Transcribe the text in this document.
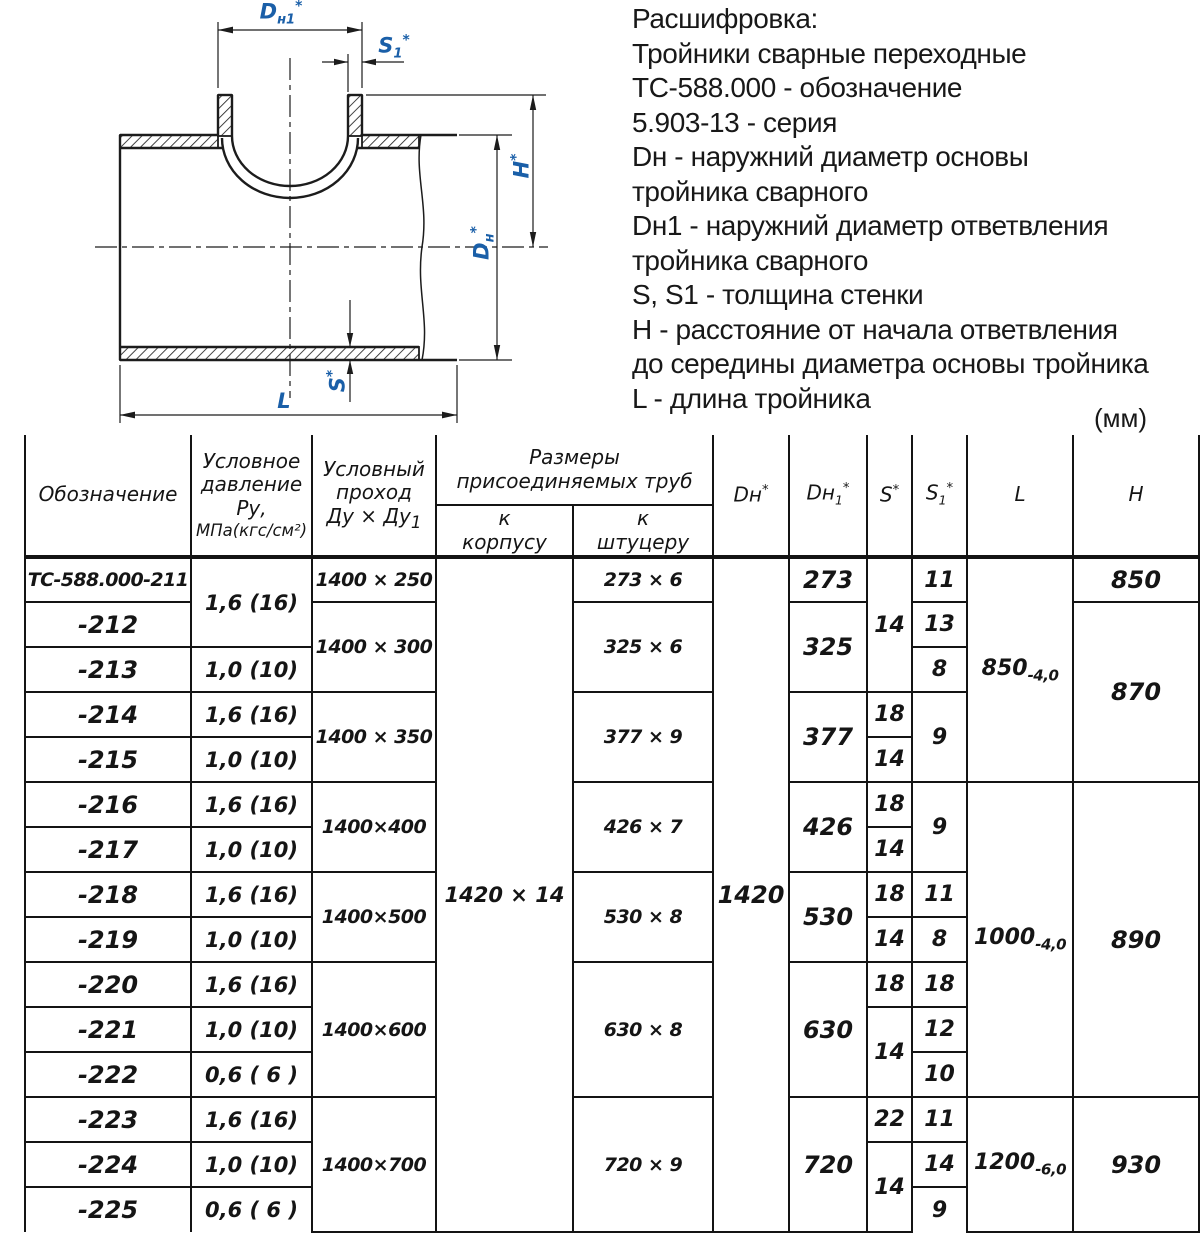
$D_{н1}^*$
$S_1^*$
H*
$D_н^*$
S*
L
Расшифровка:
Тройники сварные переходные
ТС-588.000 - обозначение
5.903-13 - серия
Dн - наружний диаметр основы
тройника сварного
Dн1 - наружний диаметр ответвления
тройника сварного
S, S1 - толщина стенки
Н - расстояние от начала ответвления
до середины диаметра основы тройника
L - длина тройника
(мм)
Обозначение	
Условное
давление
Ру,
МПа(кгс/см²)

Условный
проход
Ду × $Ду_1$

Размеры
присоединяемых труб
	Dн*	$Dн_1^*$	S*	$S_1^*$	L	H

к
корпусу

к
штуцеру

ТС-588.000-211	1,6 (16)	1400 × 250	1420 × 14	273 × 6	1420	273	14	11	$850_{-4,0}$	850
-212		1400 × 300		325 × 6		325		13		870
-213	1,0 (10)							8		
-214	1,6 (16)	1400 × 350		377 × 9		377	18	9		
-215	1,0 (10)						14			
-216	1,6 (16)	1400×400		426 × 7		426	18	9	$1000_{-4,0}$	890
-217	1,0 (10)						14			
-218	1,6 (16)	1400×500		530 × 8		530	18	11		
-219	1,0 (10)						14	8		
-220	1,6 (16)	1400×600		630 × 8		630	18	18		
-221	1,0 (10)						14	12		
-222	0,6 ( 6 )							10		
-223	1,6 (16)	1400×700		720 × 9		720	22	11	$1200_{-6,0}$	930
-224	1,0 (10)						14	14		
-225	0,6 ( 6 )							9		
